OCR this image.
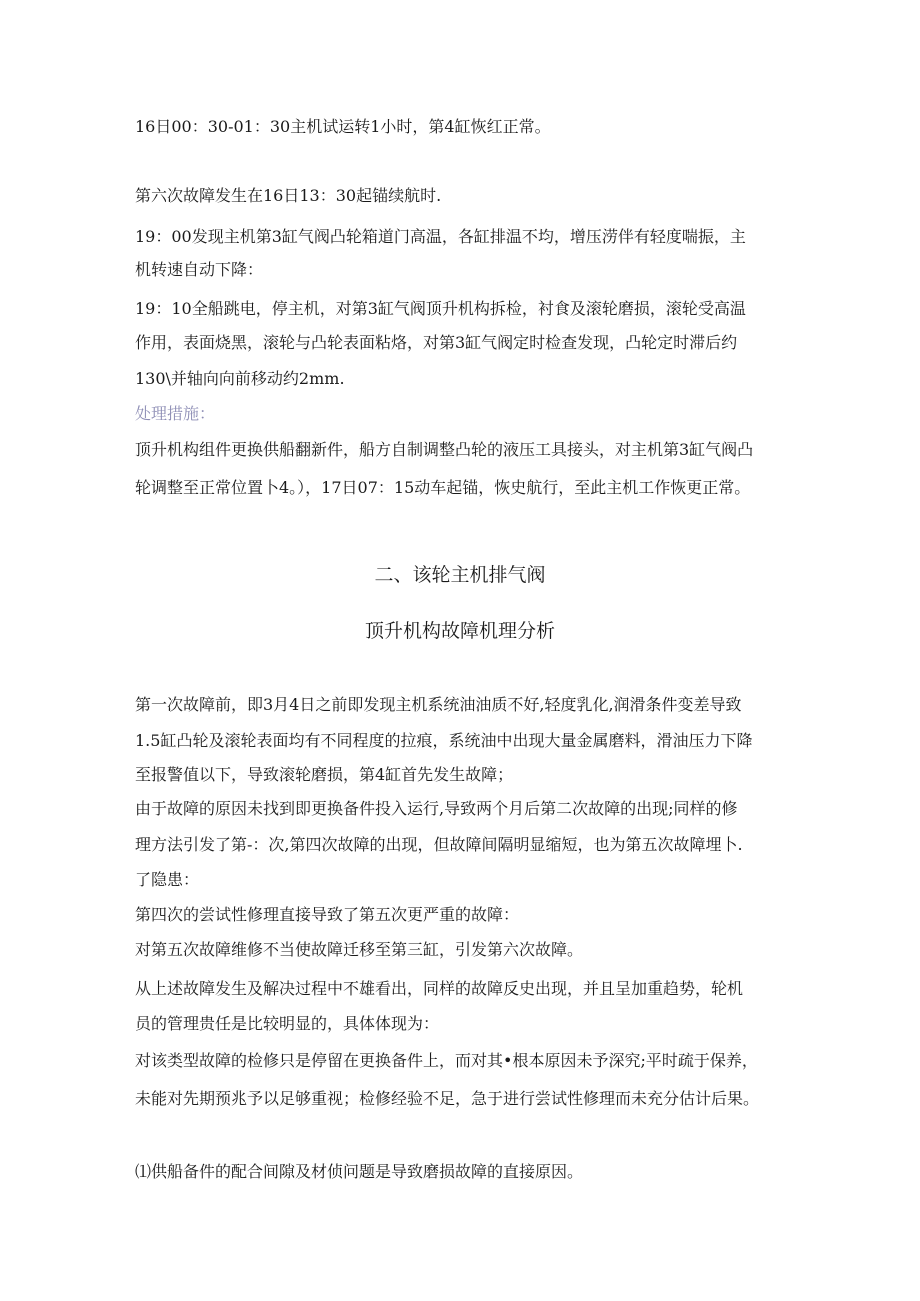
16日00：30-01：30主机试运转1小时，第4缸恢红正常。
第六次故障发生在16日13：30起锚续航时.
19：00发现主机第3缸气阀凸轮箱道门高温，各缸排温不均，增压涝伴有轻度喘振，主
机转速自动下降：
19：10全船跳电，停主机，对第3缸气阀顶升机构拆检，衬食及滚轮磨损，滚轮受高温
作用，表面烧黑，滚轮与凸轮表面粘烙，对第3缸气阀定时检查发现，凸轮定时滞后约
130\并轴向向前移动约2mm.
处理措施：
顶升机构组件更换供船翻新件，船方自制调整凸轮的液压工具接头，对主机第3缸气阀凸
轮调整至正常位置卜4。），17日07：15动车起锚，恢史航行，至此主机工作恢更正常。
二、该轮主机排气阀
顶升机构故障机理分析
第一次故障前，即3月4日之前即发现主机系统油油质不好,轻度乳化,润滑条件变差导致
1.5缸凸轮及滚轮表面均有不同程度的拉痕，系统油中出现大量金属磨料，滑油压力下降
至报警值以下，导致滚轮磨损，第4缸首先发生故障；
由于故障的原因未找到即更换备件投入运行,导致两个月后第二次故障的出现;同样的修
理方法引发了第-：次,第四次故障的出现，但故障间隔明显缩短，也为第五次故障埋卜.
了隐患：
第四次的尝试性修理直接导致了第五次更严重的故障：
对第五次故障维修不当使故障迁移至第三缸，引发第六次故障。
从上述故障发生及解决过程中不雄看出，同样的故障反史出现，并且呈加重趋势，轮机
员的管理贵任是比较明显的，具体体现为：
对该类型故障的检修只是停留在更换备件上，而对其•根本原因未予深究;平时疏于保养，
未能对先期预兆予以足够重视；检修经验不足，急于进行尝试性修理而未充分估计后果。
⑴供船备件的配合间隙及材侦问题是导致磨损故障的直接原因。
